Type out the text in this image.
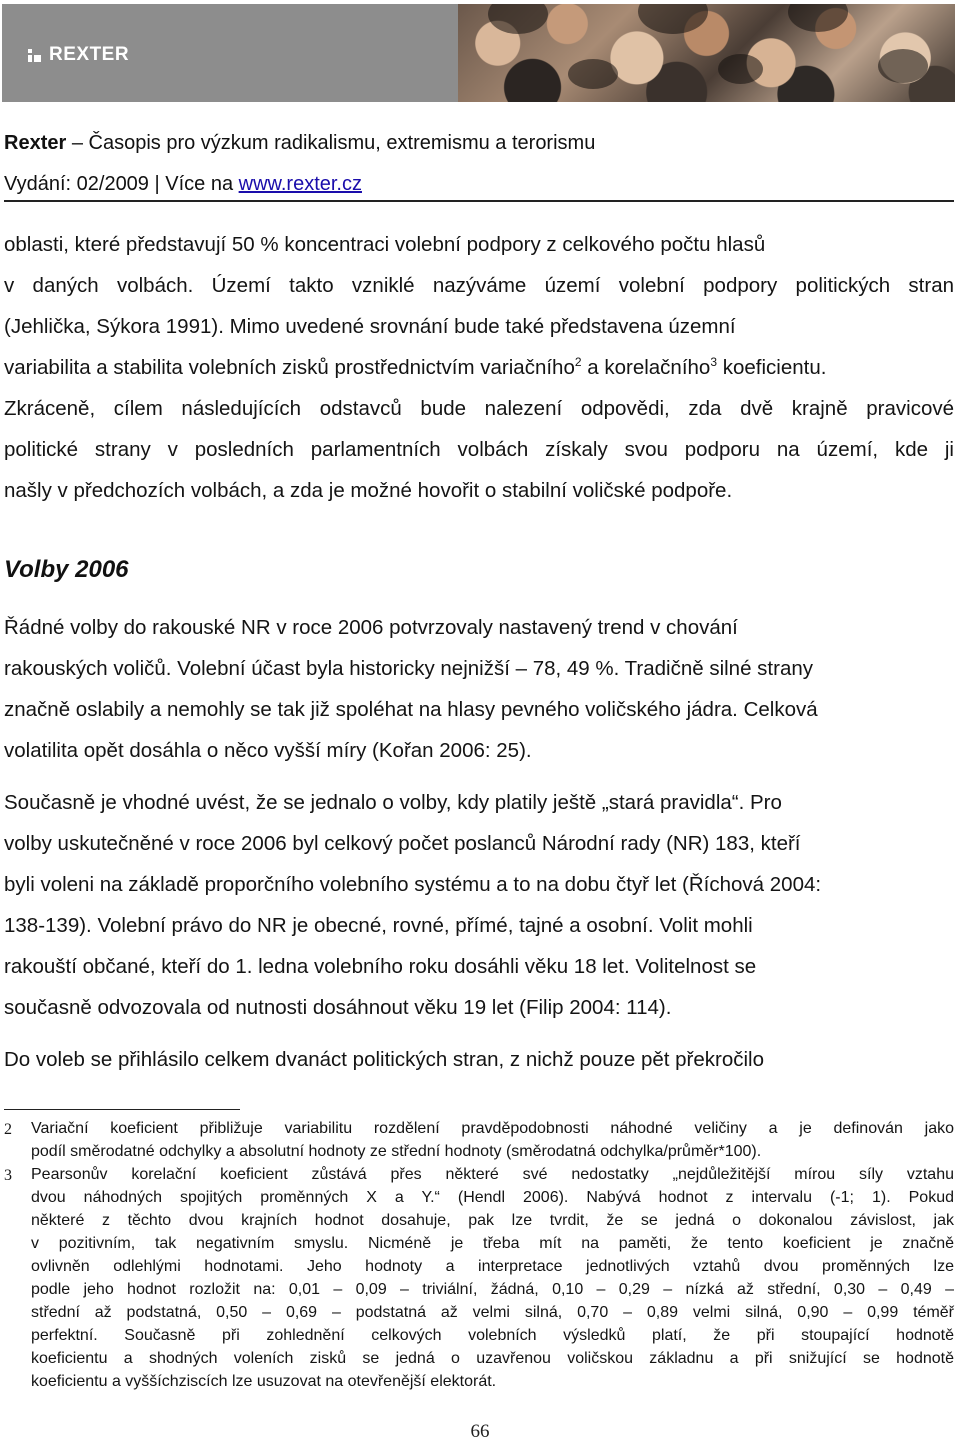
REXTER
Rexter – Časopis pro výzkum radikalismu, extremismu a terorismu
Vydání: 02/2009 | Více na www.rexter.cz
oblasti, které představují 50 % koncentraci volební podpory z celkového počtu hlasů
v daných volbách. Území takto vzniklé nazýváme území volební podpory politických stran
(Jehlička, Sýkora 1991). Mimo uvedené srovnání bude také představena územní
variabilita a stabilita volebních zisků prostřednictvím variačního$^2$ a korelačního$^3$ koeficientu.
Zkráceně, cílem následujících odstavců bude nalezení odpovědi, zda dvě krajně pravicové
politické strany v posledních parlamentních volbách získaly svou podporu na území, kde ji
našly v předchozích volbách, a zda je možné hovořit o stabilní voličské podpoře.
Volby 2006
Řádné volby do rakouské NR v roce 2006 potvrzovaly nastavený trend v chování
rakouských voličů. Volební účast byla historicky nejnižší – 78, 49 %. Tradičně silné strany
značně oslabily a nemohly se tak již spoléhat na hlasy pevného voličského jádra. Celková
volatilita opět dosáhla o něco vyšší míry (Kořan 2006: 25).
Současně je vhodné uvést, že se jednalo o volby, kdy platily ještě „stará pravidla“. Pro
volby uskutečněné v roce 2006 byl celkový počet poslanců Národní rady (NR) 183, kteří
byli voleni na základě proporčního volebního systému a to na dobu čtyř let (Říchová 2004:
138-139). Volební právo do NR je obecné, rovné, přímé, tajné a osobní. Volit mohli
rakouští občané, kteří do 1. ledna volebního roku dosáhli věku 18 let. Volitelnost se
současně odvozovala od nutnosti dosáhnout věku 19 let (Filip 2004: 114).
Do voleb se přihlásilo celkem dvanáct politických stran, z nichž pouze pět překročilo
2 Variační koeficient přibližuje variabilitu rozdělení pravděpodobnosti náhodné veličiny a je definován jako
podíl směrodatné odchylky a absolutní hodnoty ze střední hodnoty (směrodatná odchylka/průměr*100).
3 Pearsonův korelační koeficient zůstává přes některé své nedostatky „nejdůležitější mírou síly vztahu
dvou náhodných spojitých proměnných X a Y.“ (Hendl 2006). Nabývá hodnot z intervalu (-1; 1). Pokud
některé z těchto dvou krajních hodnot dosahuje, pak lze tvrdit, že se jedná o dokonalou závislost, jak
v pozitivním, tak negativním smyslu. Nicméně je třeba mít na paměti, že tento koeficient je značně
ovlivněn odlehlými hodnotami. Jeho hodnoty a interpretace jednotlivých vztahů dvou proměnných lze
podle jeho hodnot rozložit na: 0,01 – 0,09 – triviální, žádná, 0,10 – 0,29 – nízká až střední, 0,30 – 0,49 –
střední až podstatná, 0,50 – 0,69 – podstatná až velmi silná, 0,70 – 0,89 velmi silná, 0,90 – 0,99 téměř
perfektní. Současně při zohlednění celkových volebních výsledků platí, že při stoupající hodnotě
koeficientu a shodných voleních zisků se jedná o uzavřenou voličskou základnu a při snižující se hodnotě
koeficientu a vyššíchziscích lze usuzovat na otevřenější elektorát.
66
